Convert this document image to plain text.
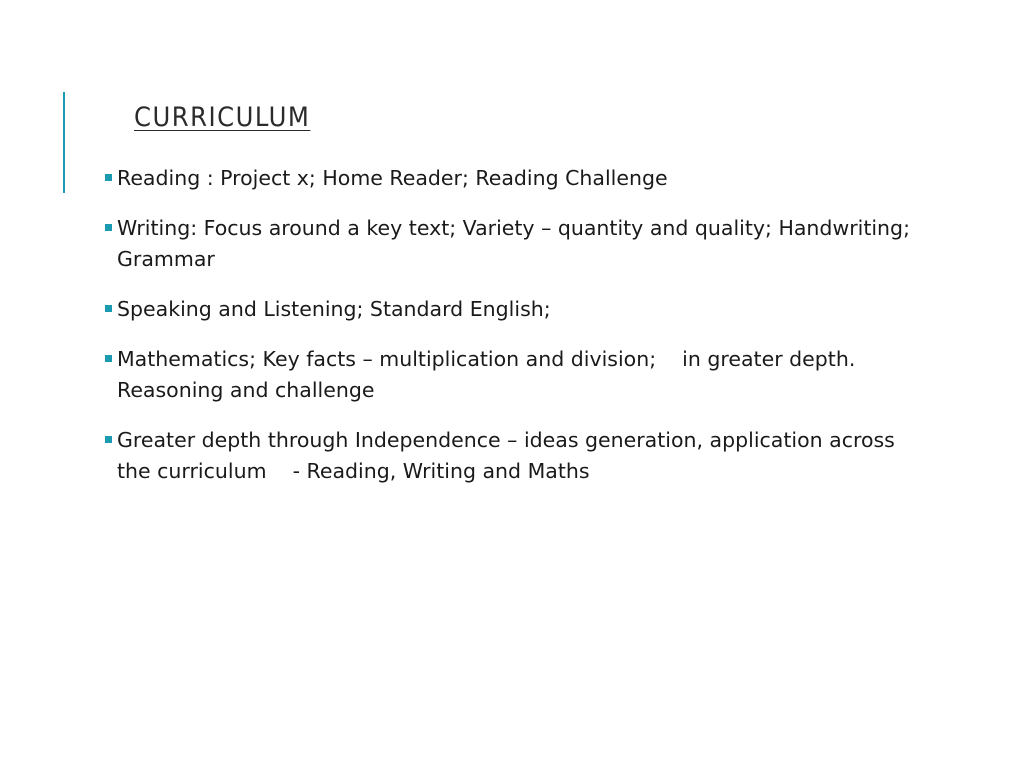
CURRICULUM
Reading : Project x; Home Reader; Reading Challenge
Writing: Focus around a key text; Variety – quantity and quality; Handwriting; Grammar
Speaking and Listening; Standard English;
Mathematics; Key facts – multiplication and division;    in greater depth. Reasoning and challenge
Greater depth through Independence – ideas generation, application across the curriculum    - Reading, Writing and Maths
